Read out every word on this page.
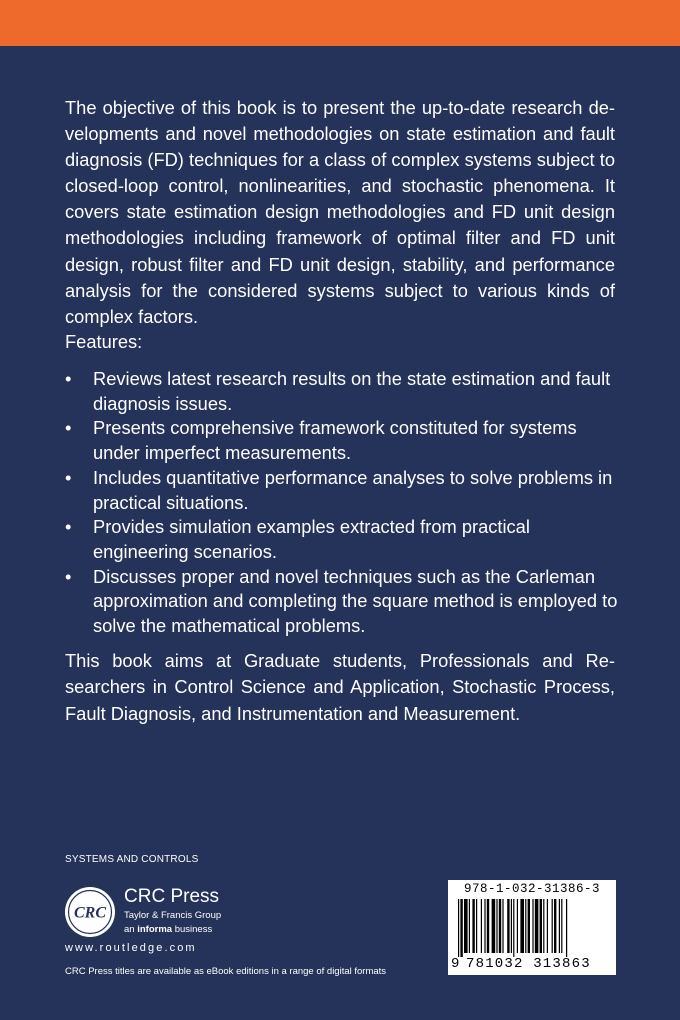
The objective of this book is to present the up-to-date research developments and novel methodologies on state estimation and fault diagnosis (FD) techniques for a class of complex systems subject to closed-loop control, nonlinearities, and stochastic phenomena. It covers state estimation design methodologies and FD unit design methodologies including framework of optimal filter and FD unit design, robust filter and FD unit design, stability, and performance analysis for the considered systems subject to various kinds of complex factors.

Features:
• Reviews latest research results on the state estimation and fault diagnosis issues.
• Presents comprehensive framework constituted for systems under imperfect measurements.
• Includes quantitative performance analyses to solve problems in practical situations.
• Provides simulation examples extracted from practical engineering scenarios.
• Discusses proper and novel techniques such as the Carleman approximation and completing the square method is employed to solve the mathematical problems.

This book aims at Graduate students, Professionals and Researchers in Control Science and Application, Stochastic Process, Fault Diagnosis, and Instrumentation and Measurement.

SYSTEMS AND CONTROLS
CRC
CRC Press
Taylor & Francis Group
an informa business
www.routledge.com
CRC Press titles are available as eBook editions in a range of digital formats
978-1-032-31386-3
9 781032 313863
